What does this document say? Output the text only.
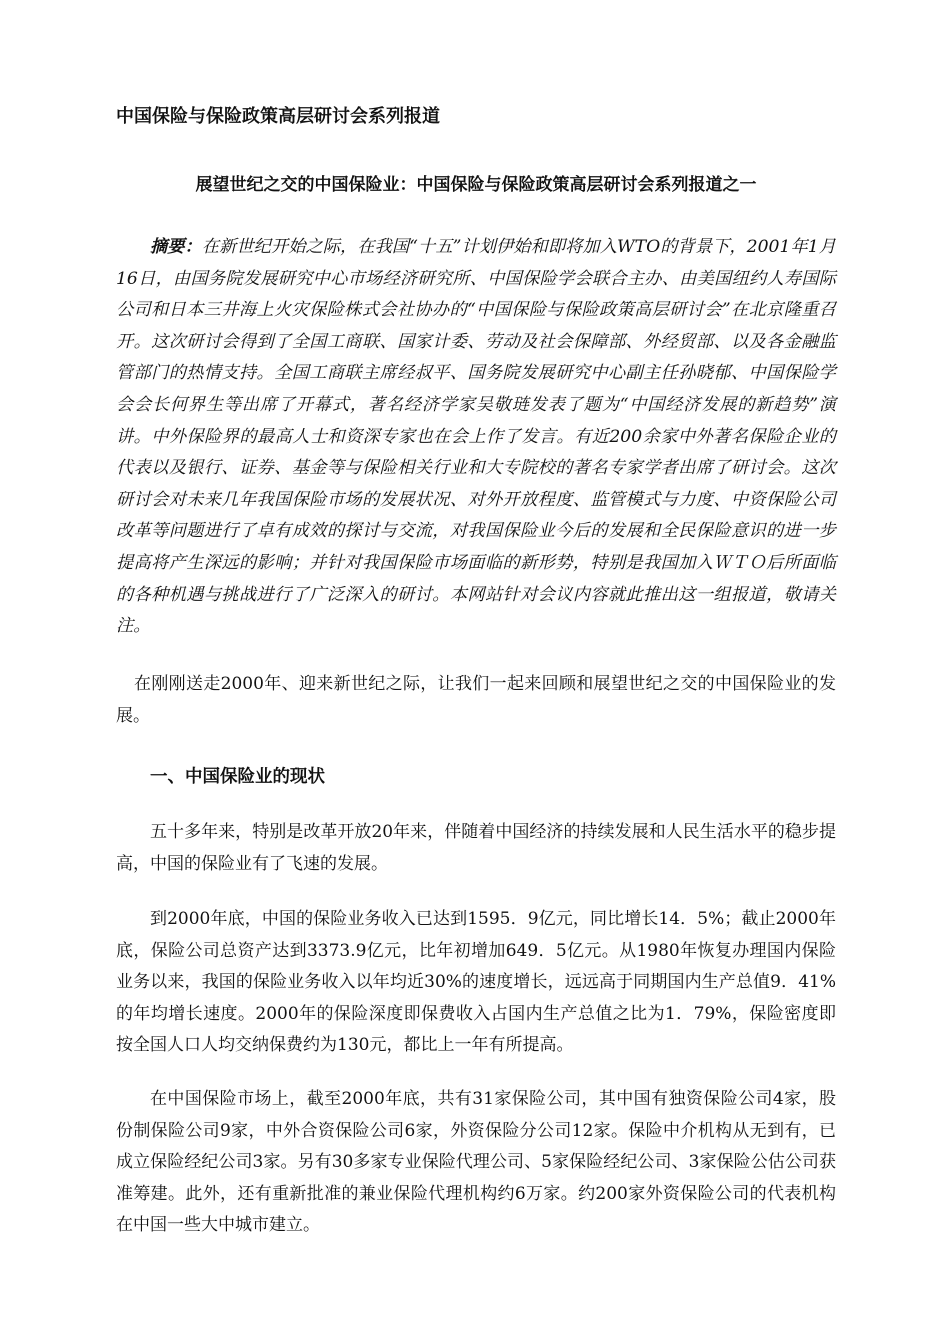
中国保险与保险政策高层研讨会系列报道
展望世纪之交的中国保险业：中国保险与保险政策高层研讨会系列报道之一

摘要：在新世纪开始之际，在我国“十五”计划伊始和即将加入WTO的背景下，2001年1月16日，由国务院发展研究中心市场经济研究所、中国保险学会联合主办、由美国纽约人寿国际公司和日本三井海上火灾保险株式会社协办的“中国保险与保险政策高层研讨会”在北京隆重召开。这次研讨会得到了全国工商联、国家计委、劳动及社会保障部、外经贸部、以及各金融监管部门的热情支持。全国工商联主席经叔平、国务院发展研究中心副主任孙晓郁、中国保险学会会长何界生等出席了开幕式，著名经济学家吴敬琏发表了题为“中国经济发展的新趋势”演讲。中外保险界的最高人士和资深专家也在会上作了发言。有近200余家中外著名保险企业的代表以及银行、证券、基金等与保险相关行业和大专院校的著名专家学者出席了研讨会。这次研讨会对未来几年我国保险市场的发展状况、对外开放程度、监管模式与力度、中资保险公司改革等问题进行了卓有成效的探讨与交流，对我国保险业今后的发展和全民保险意识的进一步提高将产生深远的影响；并针对我国保险市场面临的新形势，特别是我国加入ＷＴＯ后所面临的各种机遇与挑战进行了广泛深入的研讨。本网站针对会议内容就此推出这一组报道，敬请关注。

在刚刚送走2000年、迎来新世纪之际，让我们一起来回顾和展望世纪之交的中国保险业的发展。

一、中国保险业的现状

五十多年来，特别是改革开放20年来，伴随着中国经济的持续发展和人民生活水平的稳步提高，中国的保险业有了飞速的发展。

到2000年底，中国的保险业务收入已达到1595．9亿元，同比增长14．5%；截止2000年底，保险公司总资产达到3373.9亿元，比年初增加649．5亿元。从1980年恢复办理国内保险业务以来，我国的保险业务收入以年均近30%的速度增长，远远高于同期国内生产总值9．41%的年均增长速度。2000年的保险深度即保费收入占国内生产总值之比为1．79%，保险密度即按全国人口人均交纳保费约为130元，都比上一年有所提高。

在中国保险市场上，截至2000年底，共有31家保险公司，其中国有独资保险公司4家，股份制保险公司9家，中外合资保险公司6家，外资保险分公司12家。保险中介机构从无到有，已成立保险经纪公司3家。另有30多家专业保险代理公司、5家保险经纪公司、3家保险公估公司获准筹建。此外，还有重新批准的兼业保险代理机构约6万家。约200家外资保险公司的代表机构在中国一些大中城市建立。
